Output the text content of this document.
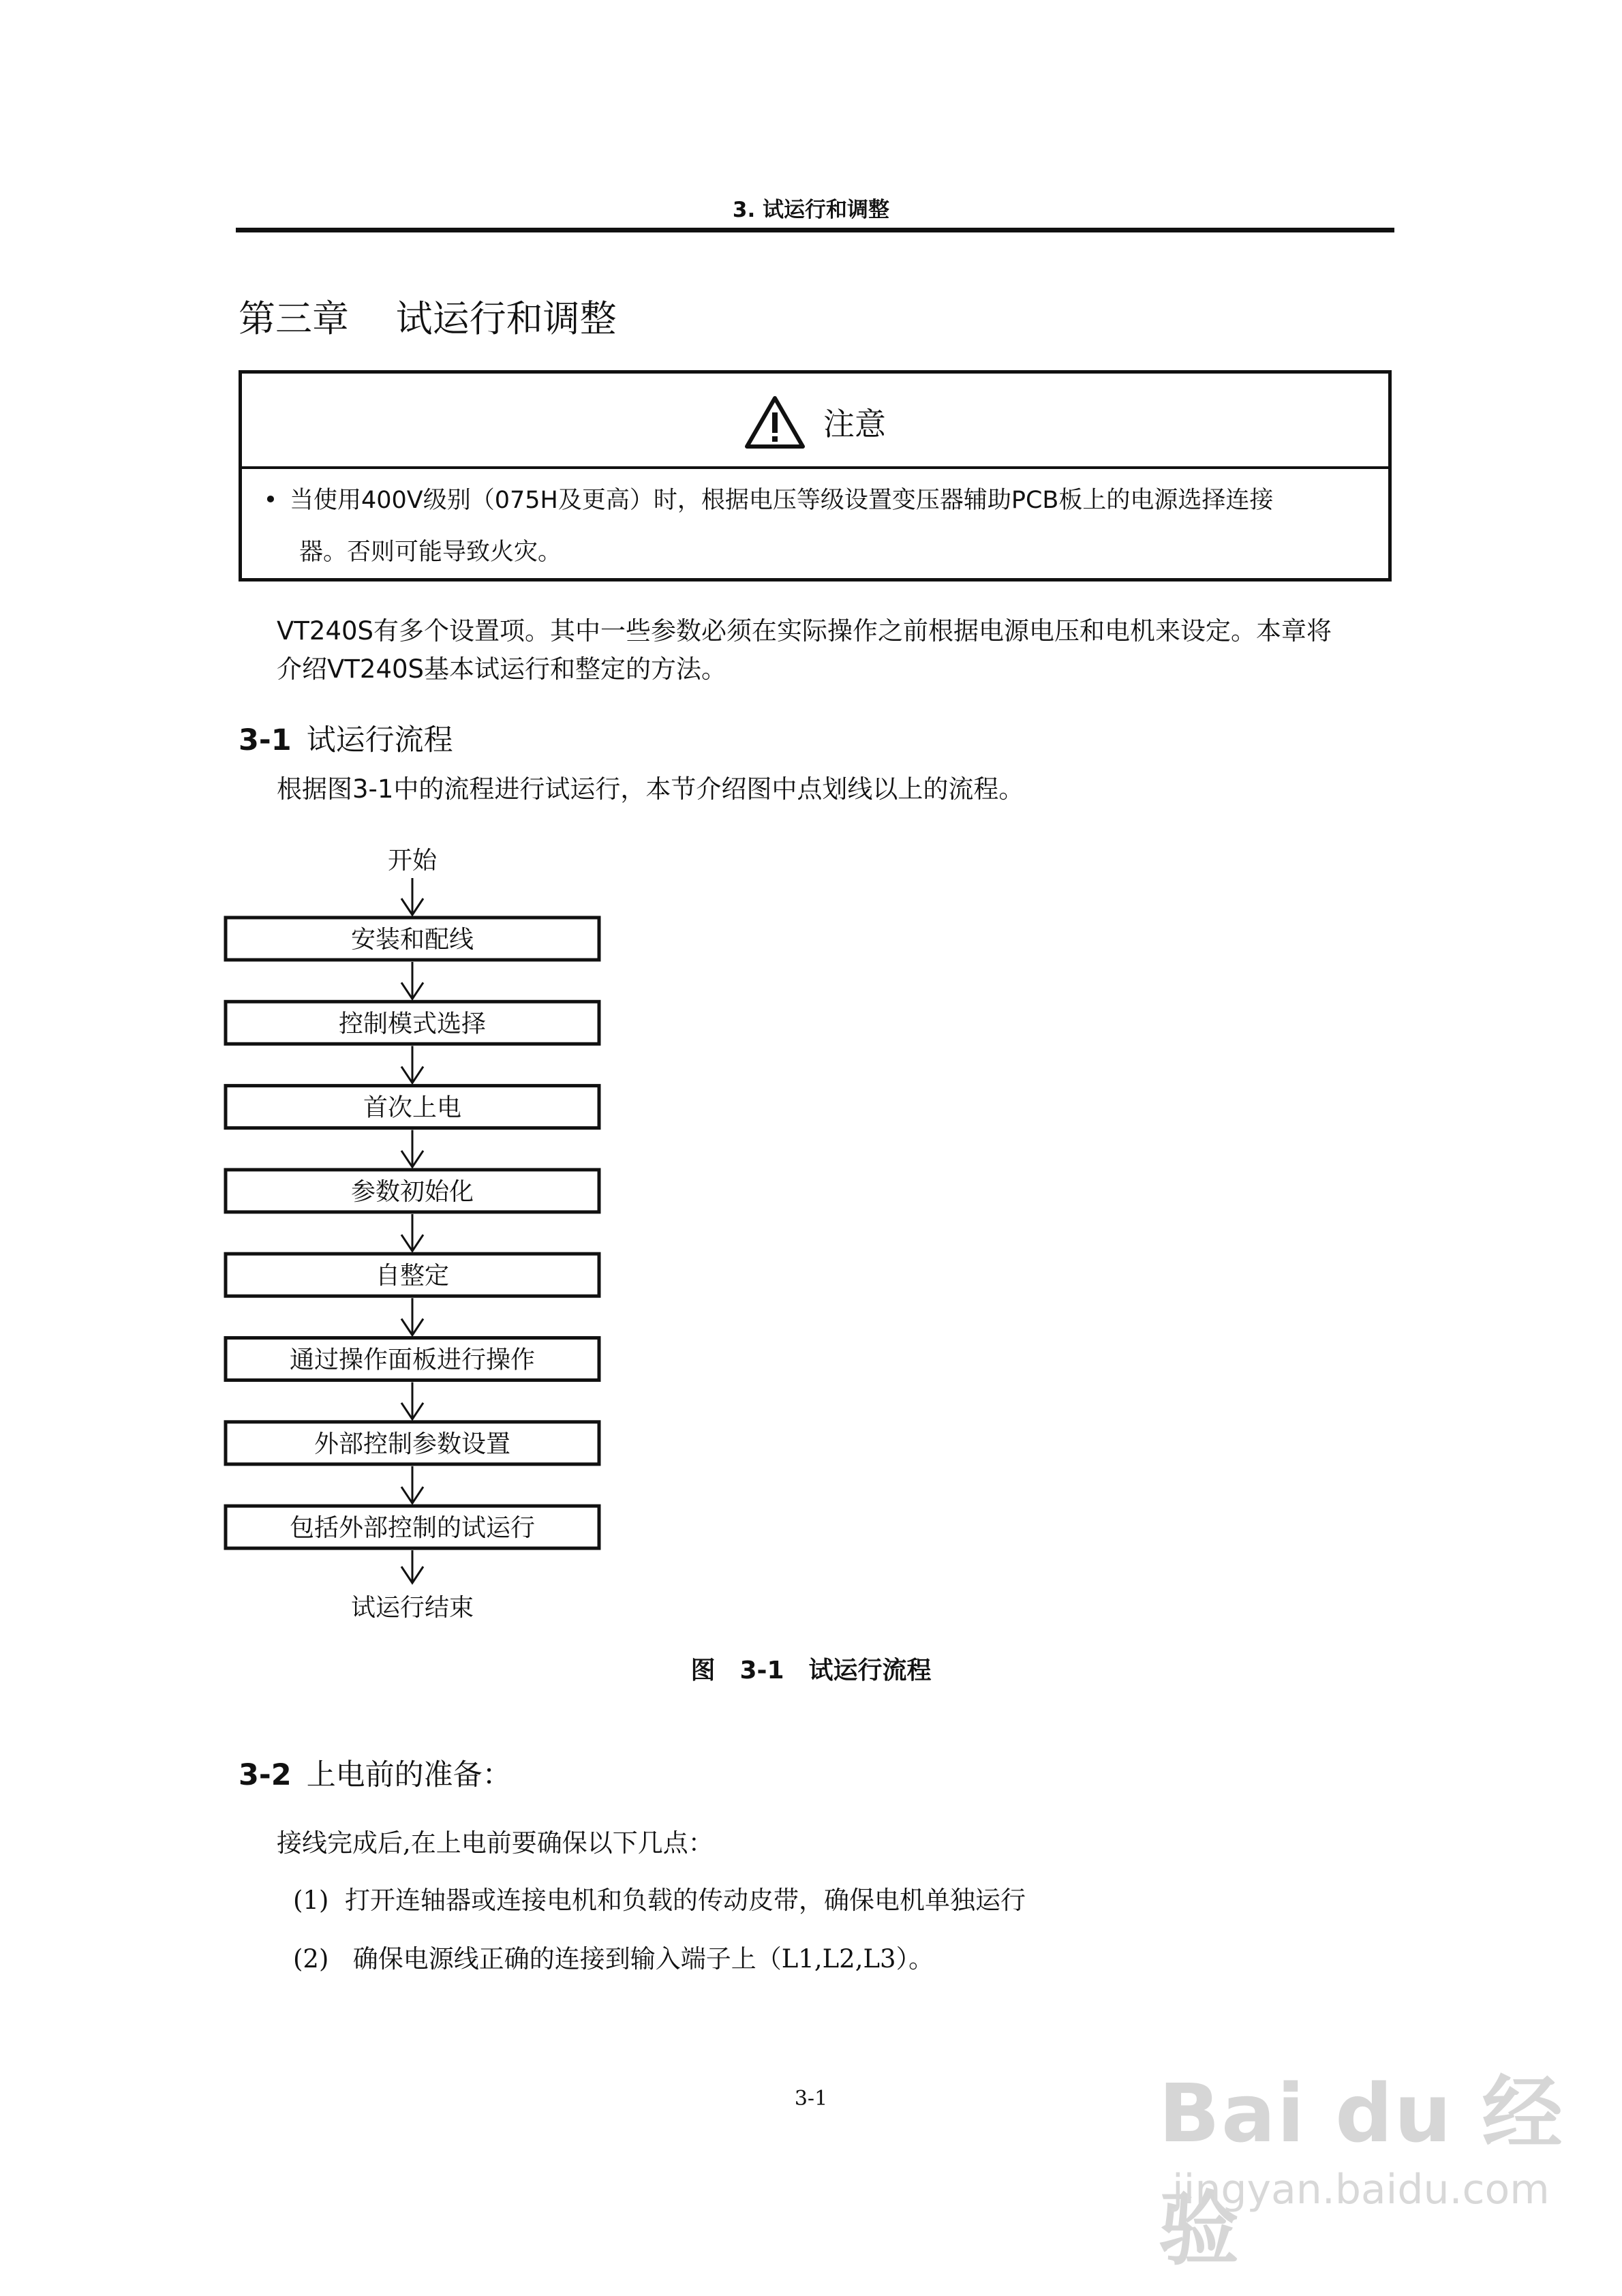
3. 试运行和调整
第三章    试运行和调整
注意
• 当使用400V级别（075H及更高）时，根据电压等级设置变压器辅助PCB板上的电源选择连接
器。否则可能导致火灾。
VT240S有多个设置项。其中一些参数必须在实际操作之前根据电源电压和电机来设定。本章将
介绍VT240S基本试运行和整定的方法。
3-1 试运行流程
根据图3-1中的流程进行试运行，本节介绍图中点划线以上的流程。
开始
安装和配线
控制模式选择
首次上电
参数初始化
自整定
通过操作面板进行操作
外部控制参数设置
包括外部控制的试运行
试运行结束
图 3-1 试运行流程
3-2 上电前的准备：
接线完成后,在上电前要确保以下几点：
(1) 打开连轴器或连接电机和负载的传动皮带，确保电机单独运行
(2) 确保电源线正确的连接到输入端子上（L1,L2,L3）。
3-1	Bai du 经验
jingyan.baidu.com
